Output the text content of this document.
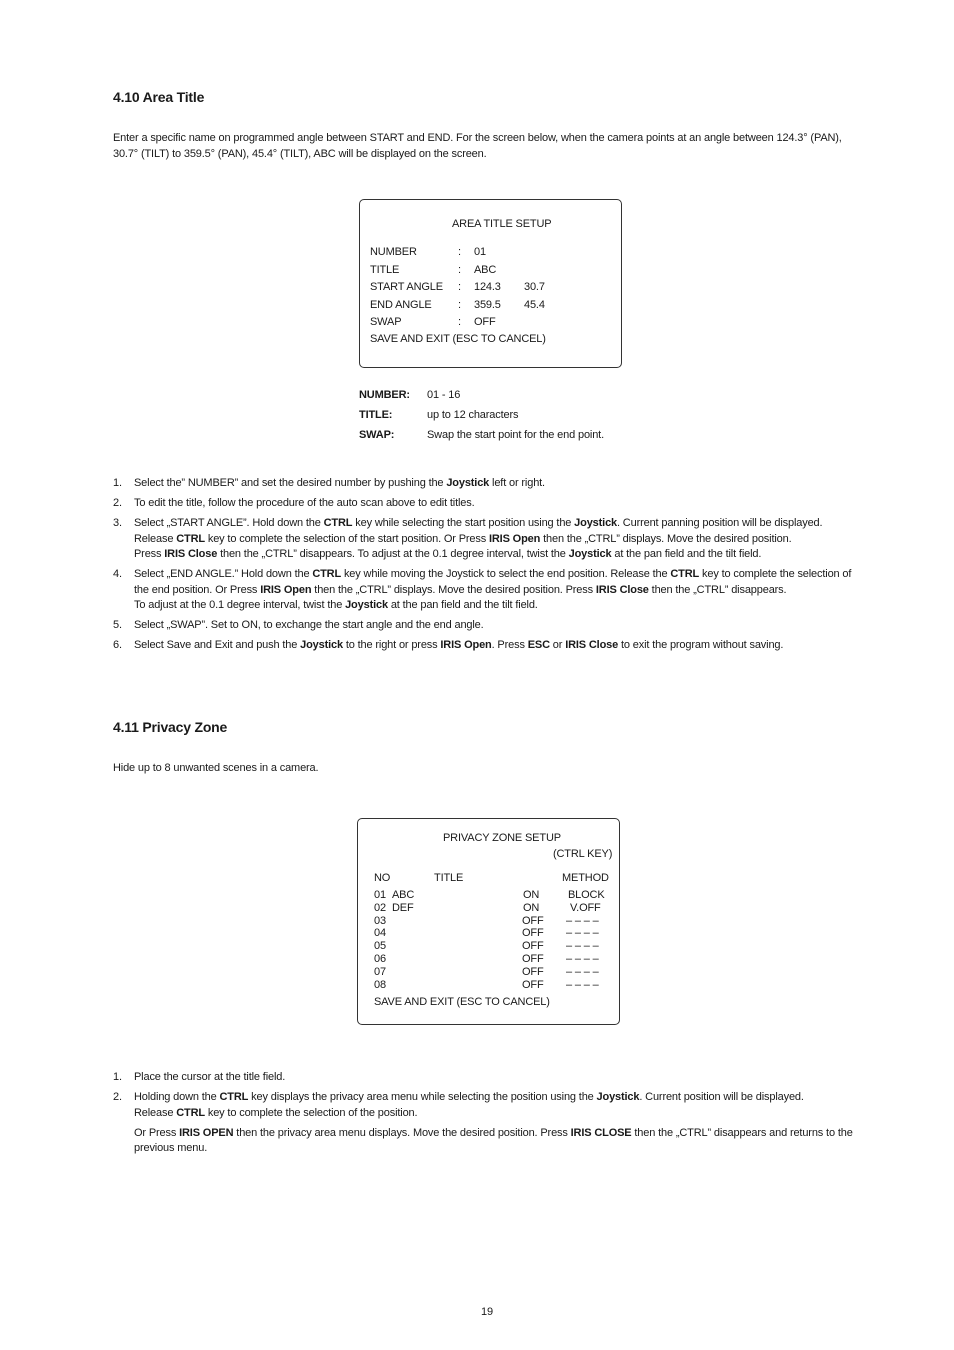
4.10 Area Title

Enter a specific name on programmed angle between START and END. For the screen below, when the camera points at an angle between 124.3° (PAN),

30.7° (TILT) to 359.5° (PAN), 45.4° (TILT), ABC will be displayed on the screen.

AREA TITLE SETUP
NUMBER	: 01
TITLE	: ABC
START ANGLE : 124.3 30.7
END ANGLE : 359.5 45.4
SWAP	: OFF
SAVE AND EXIT (ESC TO CANCEL)
NUMBER: 01 - 16
TITLE:	up to 12 characters
SWAP:	Swap the start point for the end point.
1. Select the” NUMBER” and set the desired number by pushing the Joystick left or right.
2. To edit the title, follow the procedure of the auto scan above to edit titles.
3. Select „START ANGLE”. Hold down the CTRL key while selecting the start position using the Joystick. Current panning position will be displayed.
Release CTRL key to complete the selection of the start position. Or Press IRIS Open then the „CTRL” displays. Move the desired position.
Press IRIS Close then the „CTRL” disappears. To adjust at the 0.1 degree interval, twist the Joystick at the pan field and the tilt field.
4. Select „END ANGLE.” Hold down the CTRL key while moving the Joystick to select the end position. Release the CTRL key to complete the selection of
the end position. Or Press IRIS Open then the „CTRL” displays. Move the desired position. Press IRIS Close then the „CTRL” disappears.
To adjust at the 0.1 degree interval, twist the Joystick at the pan field and the tilt field.
5. Select „SWAP”. Set to ON, to exchange the start angle and the end angle.
6. Select Save and Exit and push the Joystick to the right or press IRIS Open. Press ESC or IRIS Close to exit the program without saving.
4.11 Privacy Zone

Hide up to 8 unwanted scenes in a camera.

PRIVACY ZONE SETUP
(CTRL KEY)
NO	TITLE	METHOD
01 ABC	ON	BLOCK
02 DEF	ON	V.OFF
03	OFF – – – –
04	OFF – – – –
05	OFF – – – –
06	OFF – – – –
07	OFF – – – –
08	OFF – – – –
SAVE AND EXIT (ESC TO CANCEL)
1. Place the cursor at the title field.
2. Holding down the CTRL key displays the privacy area menu while selecting the position using the Joystick. Current position will be displayed.
Release CTRL key to complete the selection of the position.
Or Press IRIS OPEN then the privacy area menu displays. Move the desired position. Press IRIS CLOSE then the „CTRL” disappears and returns to the
previous menu.
19
